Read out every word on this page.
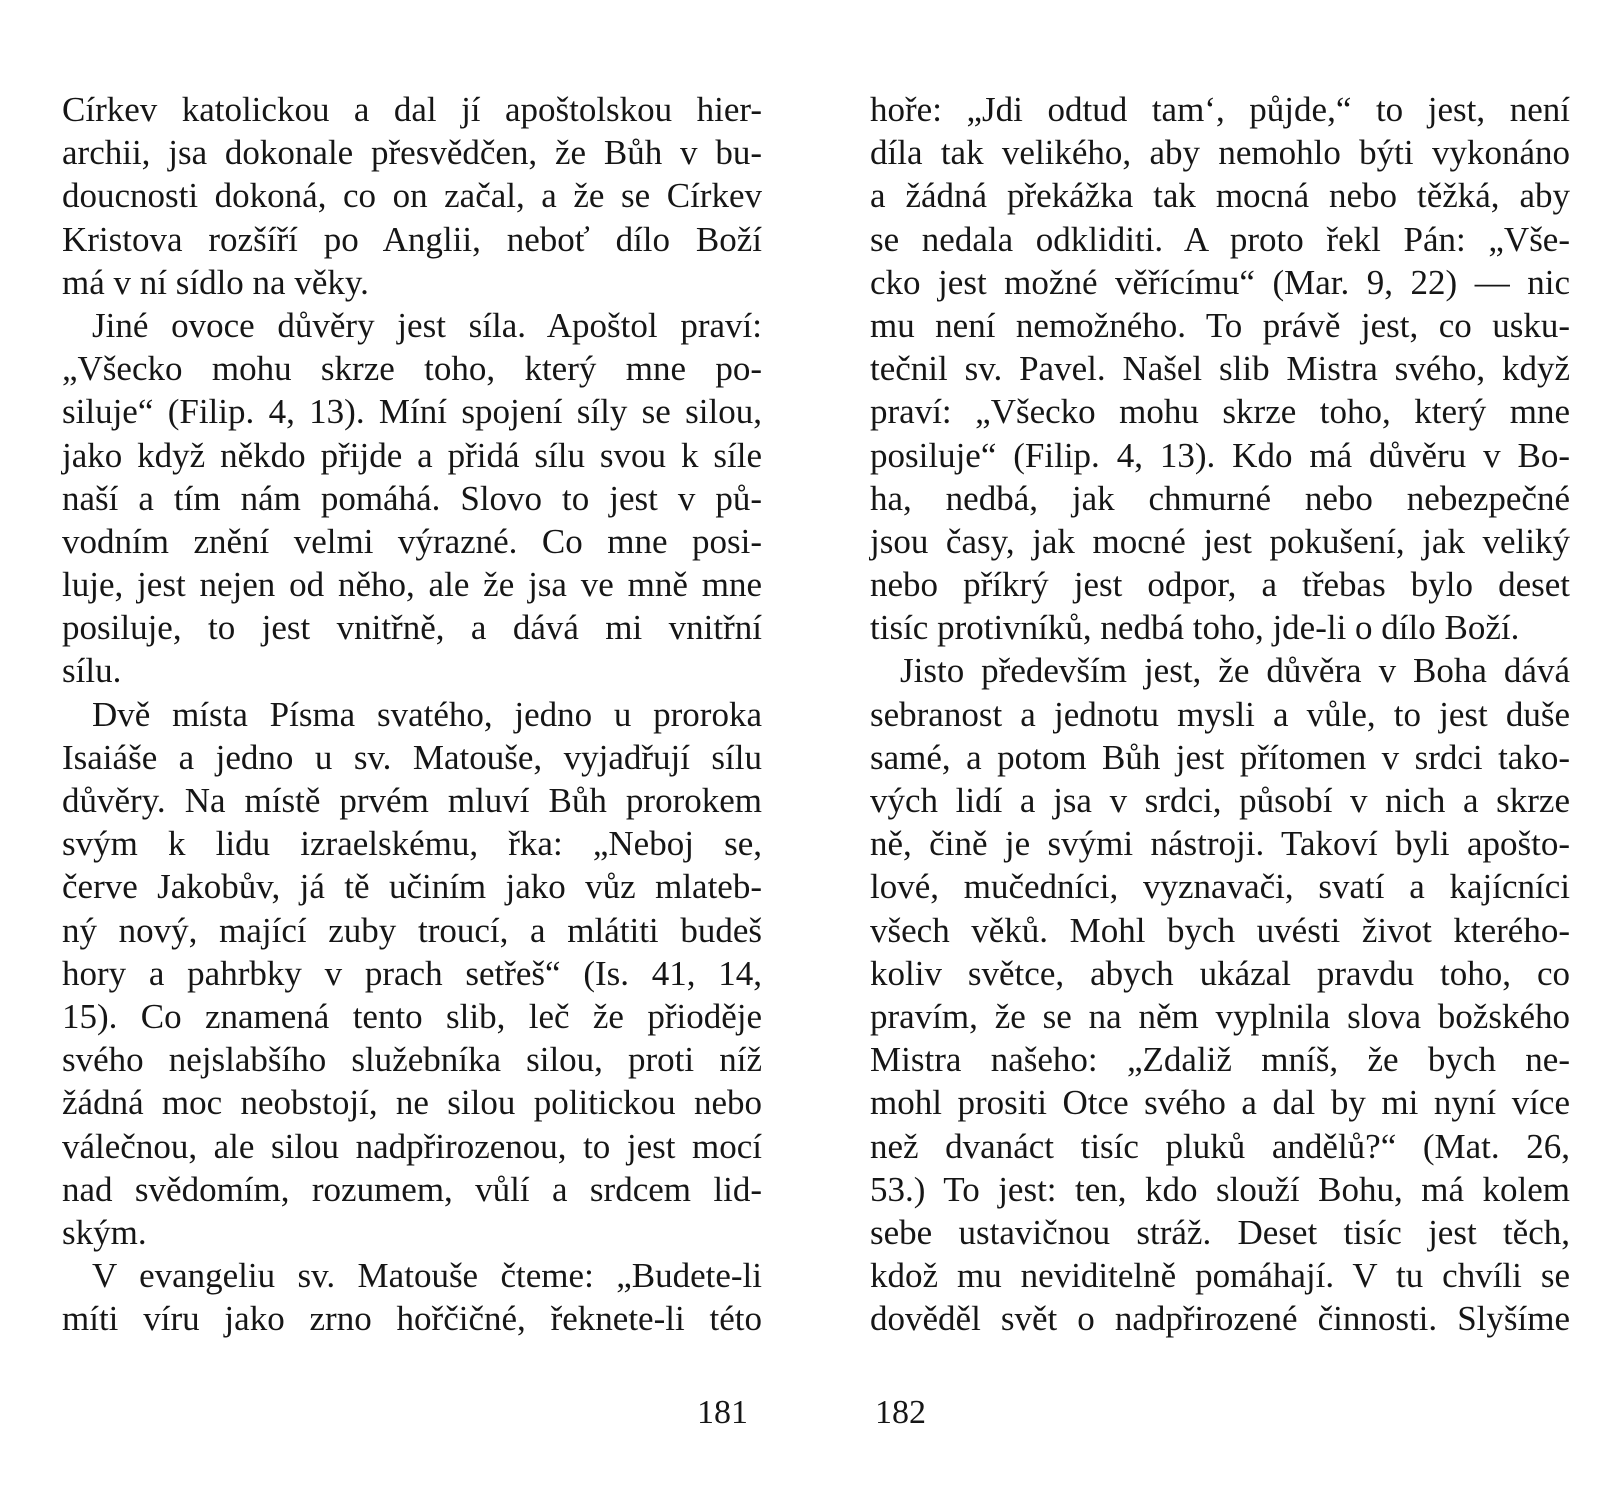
Církev katolickou a dal jí apoštolskou hier-
archii, jsa dokonale přesvědčen, že Bůh v bu-
doucnosti dokoná, co on začal, a že se Církev
Kristova rozšíří po Anglii, neboť dílo Boží
má v ní sídlo na věky.
Jiné ovoce důvěry jest síla. Apoštol praví:
„Všecko mohu skrze toho, který mne po-
siluje“ (Filip. 4, 13). Míní spojení síly se silou,
jako když někdo přijde a přidá sílu svou k síle
naší a tím nám pomáhá. Slovo to jest v pů-
vodním znění velmi výrazné. Co mne posi-
luje, jest nejen od něho, ale že jsa ve mně mne
posiluje, to jest vnitřně, a dává mi vnitřní
sílu.
Dvě místa Písma svatého, jedno u proroka
Isaiáše a jedno u sv. Matouše, vyjadřují sílu
důvěry. Na místě prvém mluví Bůh prorokem
svým k lidu izraelskému, řka: „Neboj se,
červe Jakobův, já tě učiním jako vůz mlateb-
ný nový, mající zuby troucí, a mlátiti budeš
hory a pahrbky v prach setřeš“ (Is. 41, 14,
15). Co znamená tento slib, leč že přioděje
svého nejslabšího služebníka silou, proti níž
žádná moc neobstojí, ne silou politickou nebo
válečnou, ale silou nadpřirozenou, to jest mocí
nad svědomím, rozumem, vůlí a srdcem lid-
ským.
V evangeliu sv. Matouše čteme: „Budete-li
míti víru jako zrno hořčičné, řeknete-li této
hoře: „Jdi odtud tam‘, půjde,“ to jest, není
díla tak velikého, aby nemohlo býti vykonáno
a žádná překážka tak mocná nebo těžká, aby
se nedala odkliditi. A proto řekl Pán: „Vše-
cko jest možné věřícímu“ (Mar. 9, 22) — nic
mu není nemožného. To právě jest, co usku-
tečnil sv. Pavel. Našel slib Mistra svého, když
praví: „Všecko mohu skrze toho, který mne
posiluje“ (Filip. 4, 13). Kdo má důvěru v Bo-
ha, nedbá, jak chmurné nebo nebezpečné
jsou časy, jak mocné jest pokušení, jak veliký
nebo příkrý jest odpor, a třebas bylo deset
tisíc protivníků, nedbá toho, jde-li o dílo Boží.
Jisto především jest, že důvěra v Boha dává
sebranost a jednotu mysli a vůle, to jest duše
samé, a potom Bůh jest přítomen v srdci tako-
vých lidí a jsa v srdci, působí v nich a skrze
ně, čině je svými nástroji. Takoví byli apošto-
lové, mučedníci, vyznavači, svatí a kajícníci
všech věků. Mohl bych uvésti život kterého-
koliv světce, abych ukázal pravdu toho, co
pravím, že se na něm vyplnila slova božského
Mistra našeho: „Zdaliž mníš, že bych ne-
mohl prositi Otce svého a dal by mi nyní více
než dvanáct tisíc pluků andělů?“ (Mat. 26,
53.) To jest: ten, kdo slouží Bohu, má kolem
sebe ustavičnou stráž. Deset tisíc jest těch,
kdož mu neviditelně pomáhají. V tu chvíli se
dověděl svět o nadpřirozené činnosti. Slyšíme
181	182
